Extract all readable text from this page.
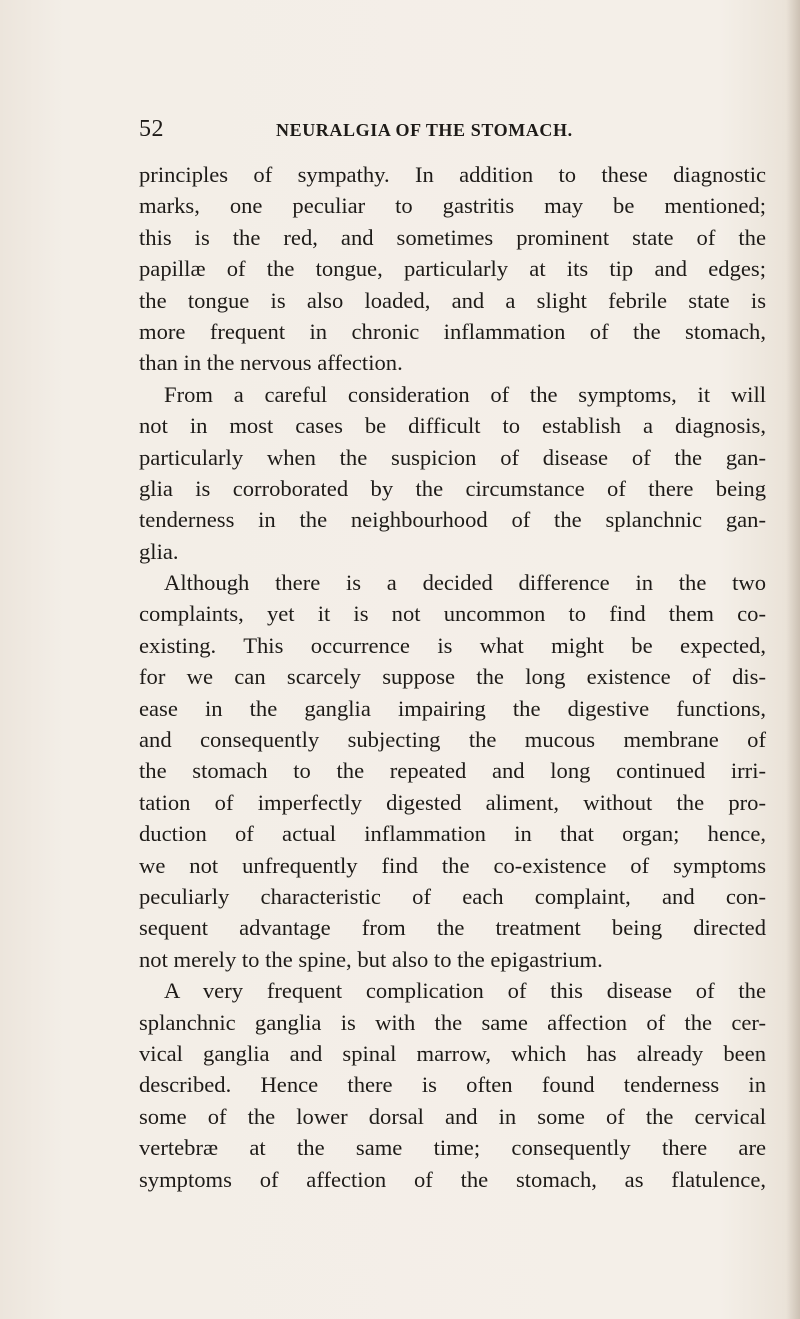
52	NEURALGIA OF THE STOMACH.
principles of sympathy. In addition to these diagnostic
marks, one peculiar to gastritis may be mentioned;
this is the red, and sometimes prominent state of the
papillæ of the tongue, particularly at its tip and edges;
the tongue is also loaded, and a slight febrile state is
more frequent in chronic inflammation of the stomach,
than in the nervous affection.
From a careful consideration of the symptoms, it will
not in most cases be difficult to establish a diagnosis,
particularly when the suspicion of disease of the gan-
glia is corroborated by the circumstance of there being
tenderness in the neighbourhood of the splanchnic gan-
glia.
Although there is a decided difference in the two
complaints, yet it is not uncommon to find them co-
existing. This occurrence is what might be expected,
for we can scarcely suppose the long existence of dis-
ease in the ganglia impairing the digestive functions,
and consequently subjecting the mucous membrane of
the stomach to the repeated and long continued irri-
tation of imperfectly digested aliment, without the pro-
duction of actual inflammation in that organ; hence,
we not unfrequently find the co-existence of symptoms
peculiarly characteristic of each complaint, and con-
sequent advantage from the treatment being directed
not merely to the spine, but also to the epigastrium.
A very frequent complication of this disease of the
splanchnic ganglia is with the same affection of the cer-
vical ganglia and spinal marrow, which has already been
described. Hence there is often found tenderness in
some of the lower dorsal and in some of the cervical
vertebræ at the same time; consequently there are
symptoms of affection of the stomach, as flatulence,
